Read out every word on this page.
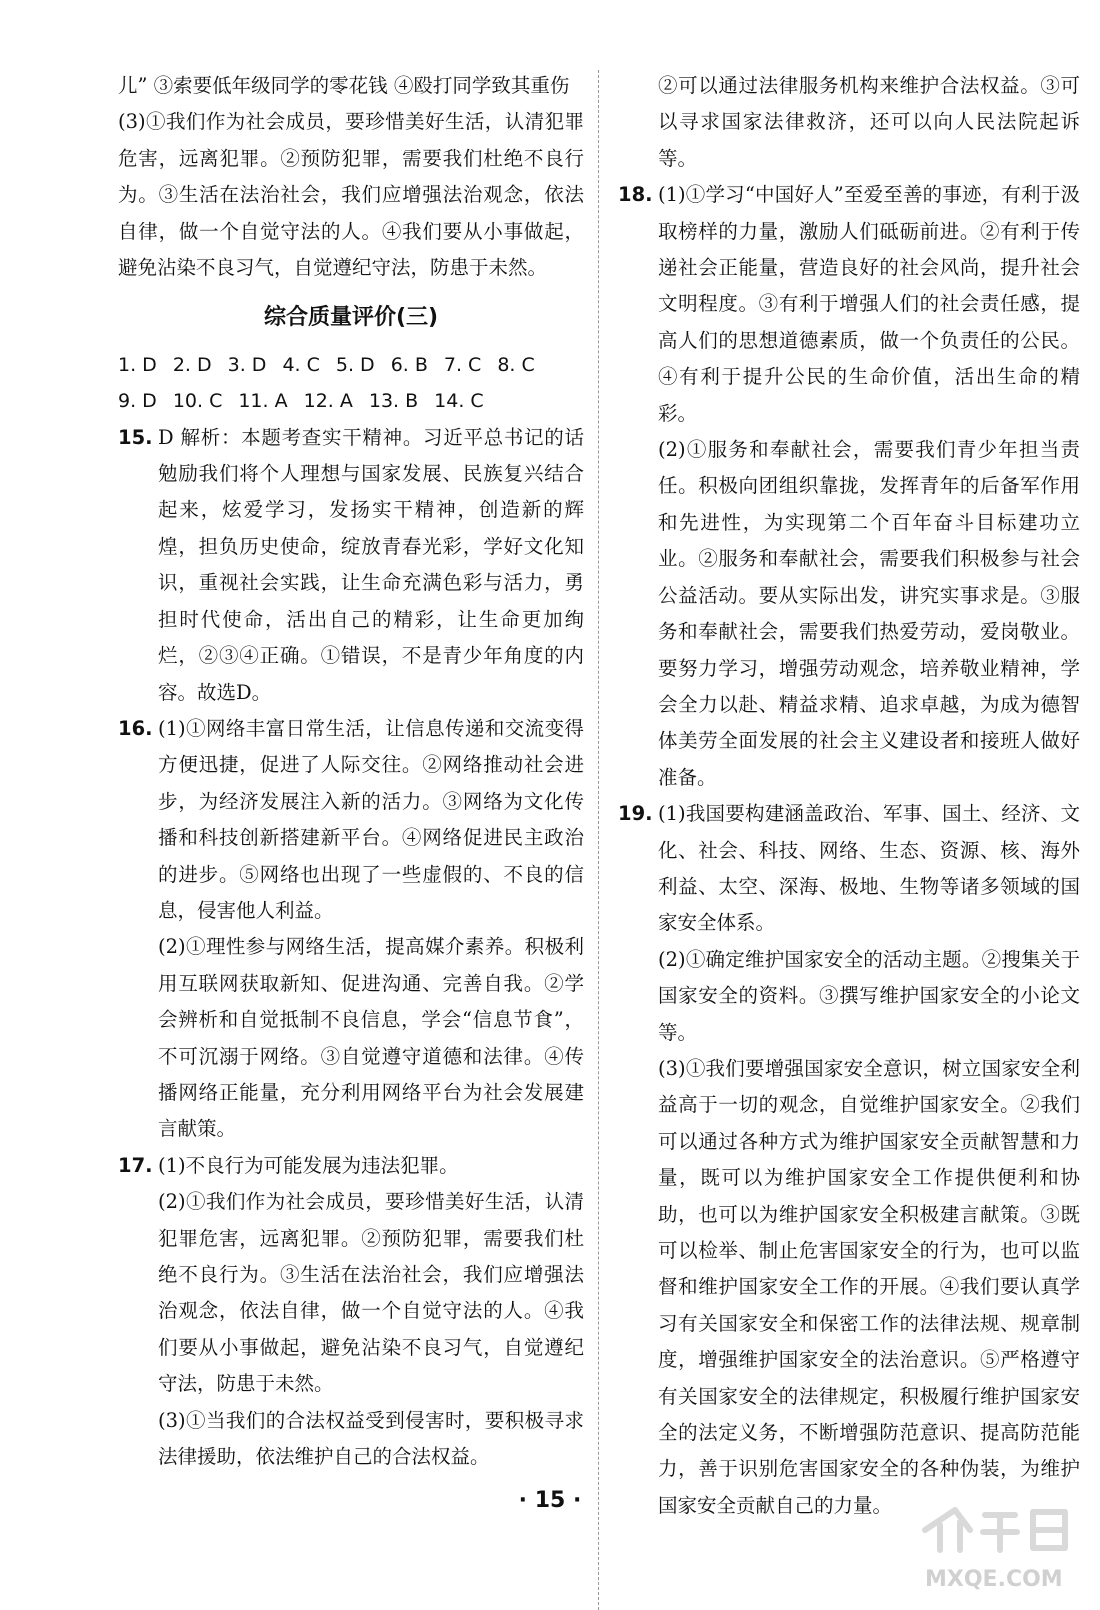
儿” ③索要低年级同学的零花钱 ④殴打同学致其重伤

(3)①我们作为社会成员，要珍惜美好生活，认清犯罪危害，远离犯罪。②预防犯罪，需要我们杜绝不良行为。③生活在法治社会，我们应增强法治观念，依法自律，做一个自觉守法的人。④我们要从小事做起，避免沾染不良习气，自觉遵纪守法，防患于未然。

综合质量评价(三)

1. D 2. D 3. D 4. C 5. D 6. B 7. C 8. C

9. D 10. C 11. A 12. A 13. B 14. C

15. D 解析：本题考查实干精神。习近平总书记的话勉励我们将个人理想与国家发展、民族复兴结合起来，炫爱学习，发扬实干精神，创造新的辉煌，担负历史使命，绽放青春光彩，学好文化知识，重视社会实践，让生命充满色彩与活力，勇担时代使命，活出自己的精彩，让生命更加绚烂，②③④正确。①错误，不是青少年角度的内容。故选D。

16. (1)①网络丰富日常生活，让信息传递和交流变得方便迅捷，促进了人际交往。②网络推动社会进步，为经济发展注入新的活力。③网络为文化传播和科技创新搭建新平台。④网络促进民主政治的进步。⑤网络也出现了一些虚假的、不良的信息，侵害他人利益。

(2)①理性参与网络生活，提高媒介素养。积极利用互联网获取新知、促进沟通、完善自我。②学会辨析和自觉抵制不良信息，学会“信息节食”，不可沉溺于网络。③自觉遵守道德和法律。④传播网络正能量，充分利用网络平台为社会发展建言献策。

17. (1)不良行为可能发展为违法犯罪。

(2)①我们作为社会成员，要珍惜美好生活，认清犯罪危害，远离犯罪。②预防犯罪，需要我们杜绝不良行为。③生活在法治社会，我们应增强法治观念，依法自律，做一个自觉守法的人。④我们要从小事做起，避免沾染不良习气，自觉遵纪守法，防患于未然。

(3)①当我们的合法权益受到侵害时，要积极寻求法律援助，依法维护自己的合法权益。

②可以通过法律服务机构来维护合法权益。③可以寻求国家法律救济，还可以向人民法院起诉等。

18. (1)①学习“中国好人”至爱至善的事迹，有利于汲取榜样的力量，激励人们砥砺前进。②有利于传递社会正能量，营造良好的社会风尚，提升社会文明程度。③有利于增强人们的社会责任感，提高人们的思想道德素质，做一个负责任的公民。④有利于提升公民的生命价值，活出生命的精彩。

(2)①服务和奉献社会，需要我们青少年担当责任。积极向团组织靠拢，发挥青年的后备军作用和先进性，为实现第二个百年奋斗目标建功立业。②服务和奉献社会，需要我们积极参与社会公益活动。要从实际出发，讲究实事求是。③服务和奉献社会，需要我们热爱劳动，爱岗敬业。要努力学习，增强劳动观念，培养敬业精神，学会全力以赴、精益求精、追求卓越，为成为德智体美劳全面发展的社会主义建设者和接班人做好准备。

19. (1)我国要构建涵盖政治、军事、国土、经济、文化、社会、科技、网络、生态、资源、核、海外利益、太空、深海、极地、生物等诸多领域的国家安全体系。

(2)①确定维护国家安全的活动主题。②搜集关于国家安全的资料。③撰写维护国家安全的小论文等。

(3)①我们要增强国家安全意识，树立国家安全利益高于一切的观念，自觉维护国家安全。②我们可以通过各种方式为维护国家安全贡献智慧和力量，既可以为维护国家安全工作提供便利和协助，也可以为维护国家安全积极建言献策。③既可以检举、制止危害国家安全的行为，也可以监督和维护国家安全工作的开展。④我们要认真学习有关国家安全和保密工作的法律法规、规章制度，增强维护国家安全的法治意识。⑤严格遵守有关国家安全的法律规定，积极履行维护国家安全的法定义务，不断增强防范意识、提高防范能力，善于识别危害国家安全的各种伪装，为维护国家安全贡献自己的力量。

· 15 ·
MXQE.COM
